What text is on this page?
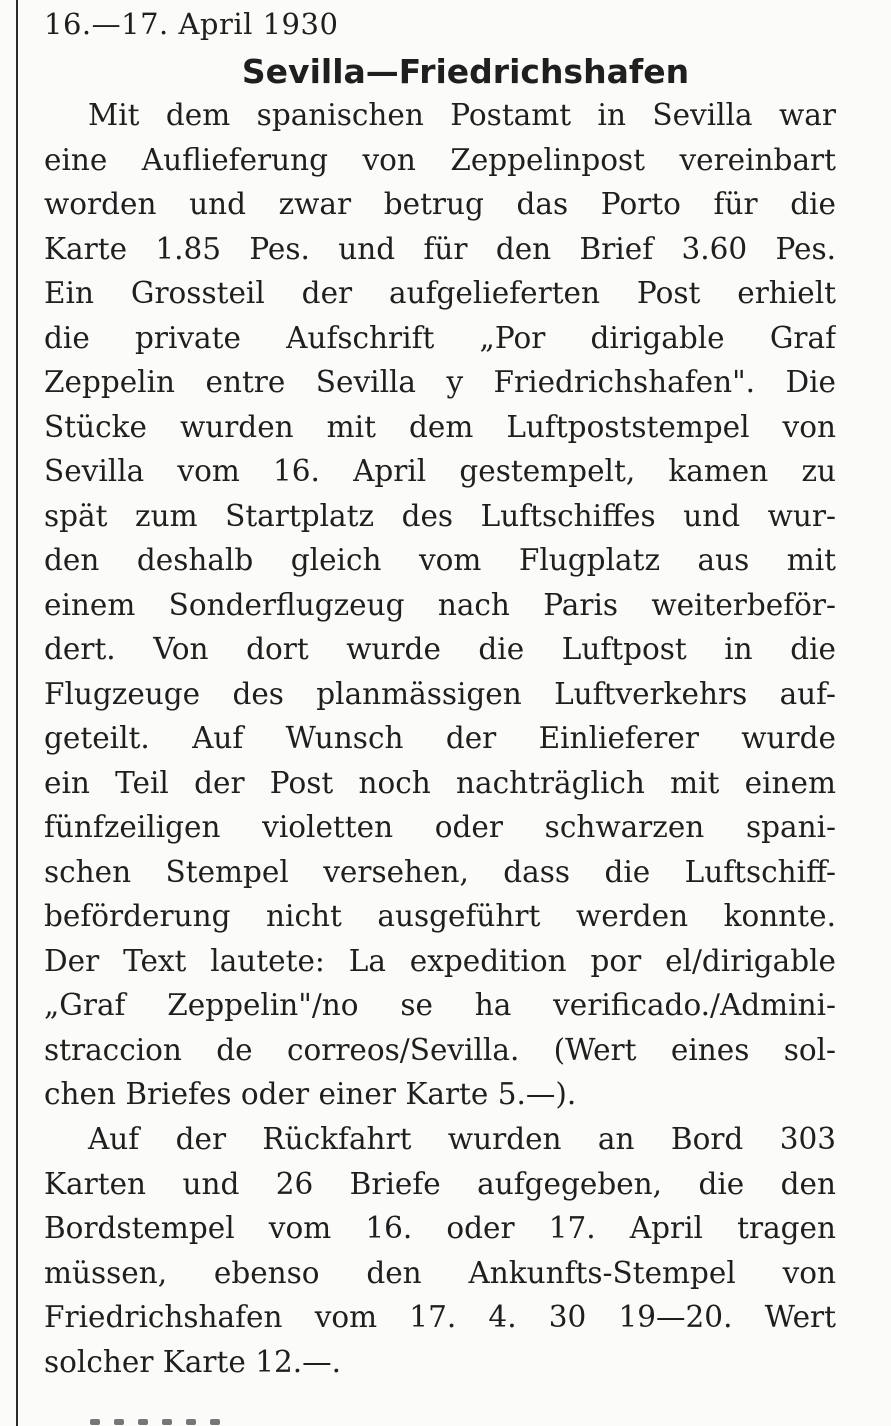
16.—17. April 1930
Sevilla—Friedrichshafen
Mit dem spanischen Postamt in Sevilla war
eine Auflieferung von Zeppelinpost vereinbart
worden und zwar betrug das Porto für die
Karte 1.85 Pes. und für den Brief 3.60 Pes.
Ein Grossteil der aufgelieferten Post erhielt
die private Aufschrift „Por dirigable Graf
Zeppelin entre Sevilla y Friedrichshafen". Die
Stücke wurden mit dem Luftpoststempel von
Sevilla vom 16. April gestempelt, kamen zu
spät zum Startplatz des Luftschiffes und wur-
den deshalb gleich vom Flugplatz aus mit
einem Sonderflugzeug nach Paris weiterbeför-
dert. Von dort wurde die Luftpost in die
Flugzeuge des planmässigen Luftverkehrs auf-
geteilt. Auf Wunsch der Einlieferer wurde
ein Teil der Post noch nachträglich mit einem
fünfzeiligen violetten oder schwarzen spani-
schen Stempel versehen, dass die Luftschiff-
beförderung nicht ausgeführt werden konnte.
Der Text lautete: La expedition por el/dirigable
„Graf Zeppelin"/no se ha verificado./Admini-
straccion de correos/Sevilla. (Wert eines sol-
chen Briefes oder einer Karte 5.—).
Auf der Rückfahrt wurden an Bord 303
Karten und 26 Briefe aufgegeben, die den
Bordstempel vom 16. oder 17. April tragen
müssen, ebenso den Ankunfts-Stempel von
Friedrichshafen vom 17. 4. 30 19—20. Wert
solcher Karte 12.—.
